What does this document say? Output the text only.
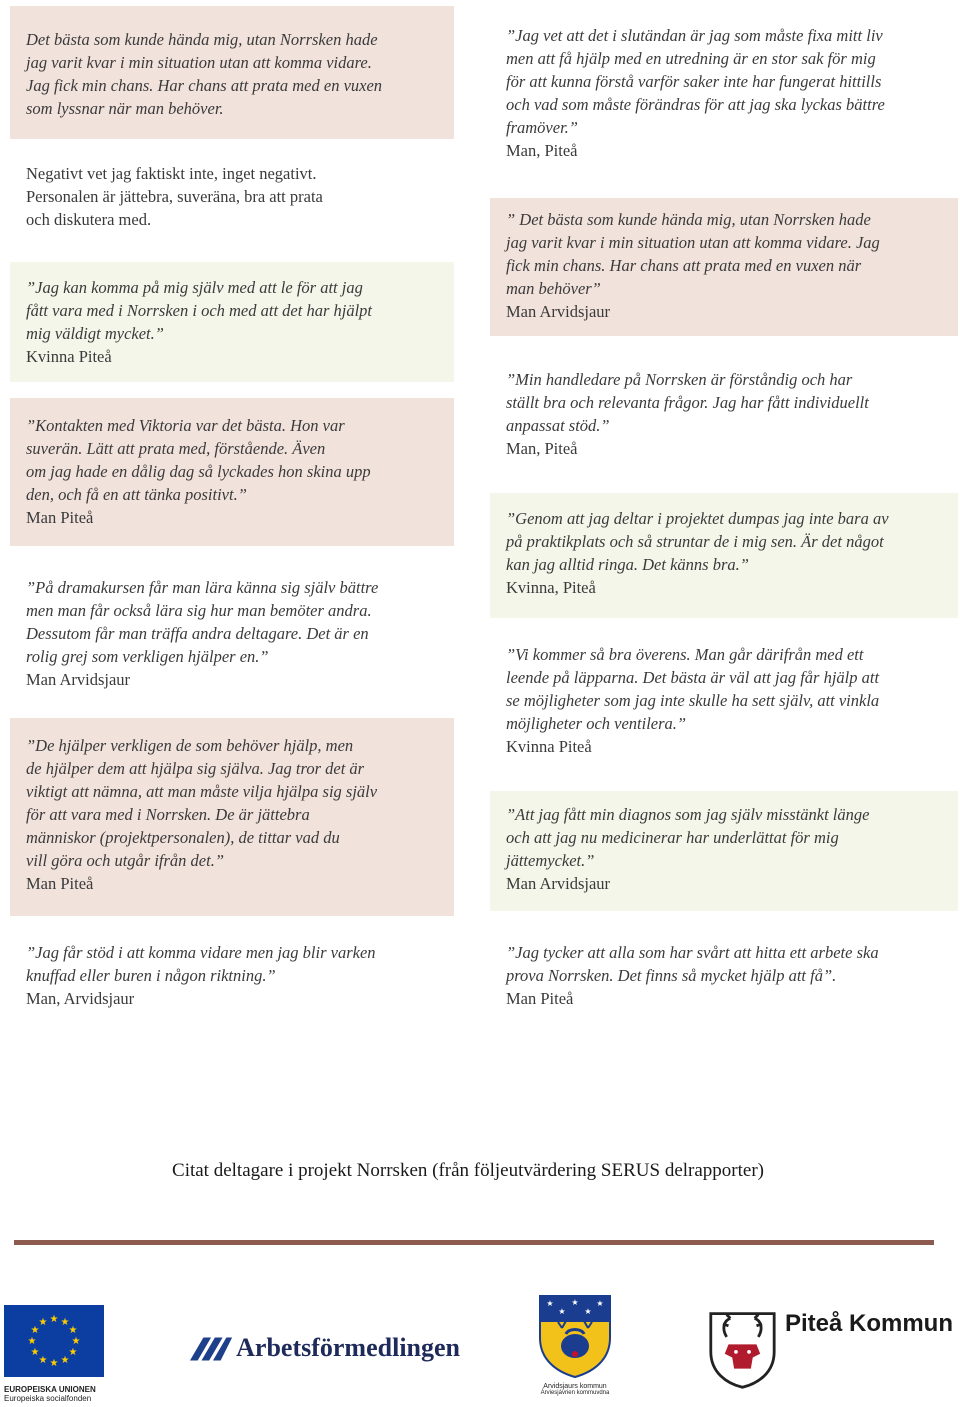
Det bästa som kunde hända mig, utan Norrsken hade
jag varit kvar i min situation utan att komma vidare.
Jag fick min chans. Har chans att prata med en vuxen
som lyssnar när man behöver.
Negativt vet jag faktiskt inte, inget negativt.
Personalen är jättebra, suveräna, bra att prata
och diskutera med.
”Jag kan komma på mig själv med att le för att jag
fått vara med i Norrsken i och med att det har hjälpt
mig väldigt mycket.”
Kvinna Piteå
”Kontakten med Viktoria var det bästa. Hon var
suverän. Lätt att prata med, förstående. Även
om jag hade en dålig dag så lyckades hon skina upp
den, och få en att tänka positivt.”
Man Piteå
”På dramakursen får man lära känna sig själv bättre
men man får också lära sig hur man bemöter andra.
Dessutom får man träffa andra deltagare. Det är en
rolig grej som verkligen hjälper en.”
Man Arvidsjaur
”De hjälper verkligen de som behöver hjälp, men
de hjälper dem att hjälpa sig själva. Jag tror det är
viktigt att nämna, att man måste vilja hjälpa sig själv
för att vara med i Norrsken. De är jättebra
människor (projektpersonalen), de tittar vad du
vill göra och utgår ifrån det.”
Man Piteå
”Jag får stöd i att komma vidare men jag blir varken
knuffad eller buren i någon riktning.”
Man, Arvidsjaur
”Jag vet att det i slutändan är jag som måste fixa mitt liv
men att få hjälp med en utredning är en stor sak för mig
för att kunna förstå varför saker inte har fungerat hittills
och vad som måste förändras för att jag ska lyckas bättre
framöver.”
Man, Piteå
” Det bästa som kunde hända mig, utan Norrsken hade
jag varit kvar i min situation utan att komma vidare. Jag
fick min chans. Har chans att prata med en vuxen när
man behöver”
Man Arvidsjaur
”Min handledare på Norrsken är förståndig och har
ställt bra och relevanta frågor. Jag har fått individuellt
anpassat stöd.”
Man, Piteå
”Genom att jag deltar i projektet dumpas jag inte bara av
på praktikplats och så struntar de i mig sen. Är det något
kan jag alltid ringa. Det känns bra.”
Kvinna, Piteå
”Vi kommer så bra överens. Man går därifrån med ett
leende på läpparna. Det bästa är väl att jag får hjälp att
se möjligheter som jag inte skulle ha sett själv, att vinkla
möjligheter och ventilera.”
Kvinna Piteå
”Att jag fått min diagnos som jag själv misstänkt länge
och att jag nu medicinerar har underlättat för mig
jättemycket.”
Man Arvidsjaur
”Jag tycker att alla som har svårt att hitta ett arbete ska
prova Norrsken. Det finns så mycket hjälp att få”.
Man Piteå
Citat deltagare i projekt Norrsken (från följeutvärdering SERUS delrapporter)
★ ★
★
★
★
★
★
★
★
★
★
★
EUROPEISKA UNIONEN
Europeiska socialfonden
Arbetsförmedlingen
★
★
★
★
★
Arvidsjaurs kommun
Árviesjávrien kommuvdna
Piteå Kommun
